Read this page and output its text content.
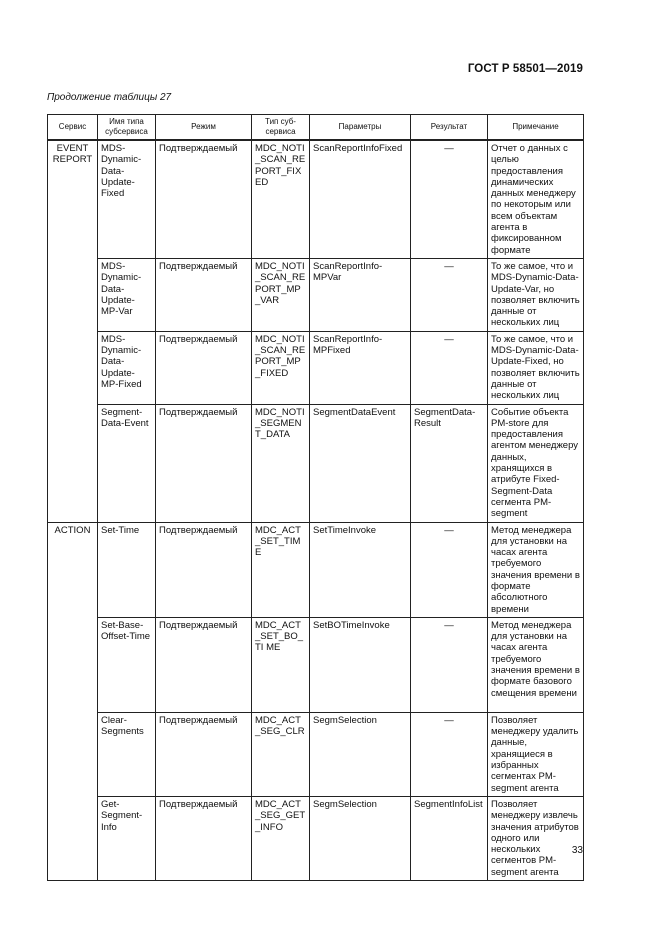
ГОСТ Р 58501—2019
Продолжение таблицы 27
Сервис	Имя типа субсервиса	Режим	Тип суб-сервиса	Параметры	Результат	Примечание
EVENT REPORT	MDS-Dynamic-Data-Update-Fixed	Подтверждаемый	MDC_NOTI_SCAN_REPORT_FIXED	ScanReportInfoFixed	—	Отчет о данных с целью предоставления динамических данных менеджеру по некоторым или всем объектам агента в фиксированном формате
	MDS-Dynamic-Data-Update-MP-Var	Подтверждаемый	MDC_NOTI_SCAN_REPORT_MP_VAR	ScanReportInfo-MPVar	—	То же самое, что и MDS-Dynamic-Data-Update-Var, но позволяет включить данные от нескольких лиц
	MDS-Dynamic-Data-Update-MP-Fixed	Подтверждаемый	MDC_NOTI_SCAN_REPORT_MP_FIXED	ScanReportInfo-MPFixed	—	То же самое, что и MDS-Dynamic-Data-Update-Fixed, но позволяет включить данные от нескольких лиц
	Segment-Data-Event	Подтверждаемый	MDC_NOTI_SEGMENT_DATA	SegmentDataEvent	SegmentData-Result	Событие объекта PM-store для предоставления агентом менеджеру данных, хранящихся в атрибуте Fixed-Segment-Data сегмента PM-segment
ACTION	Set-Time	Подтверждаемый	MDC_ACT_SET_TIME	SetTimeInvoke	—	Метод менеджера для установки на часах агента требуемого значения времени в формате абсолютного времени
	Set-Base-Offset-Time	Подтверждаемый	MDC_ACT_SET_BO_TI ME	SetBOTimeInvoke	—	Метод менеджера для установки на часах агента требуемого значения времени в формате базового смещения времени
	Clear-Segments	Подтверждаемый	MDC_ACT_SEG_CLR	SegmSelection	—	Позволяет менеджеру удалить данные, хранящиеся в избранных сегментах PM-segment агента
	Get-Segment-Info	Подтверждаемый	MDC_ACT_SEG_GET_INFO	SegmSelection	SegmentInfoList	Позволяет менеджеру извлечь значения атрибутов одного или нескольких сегментов PM-segment агента
33
